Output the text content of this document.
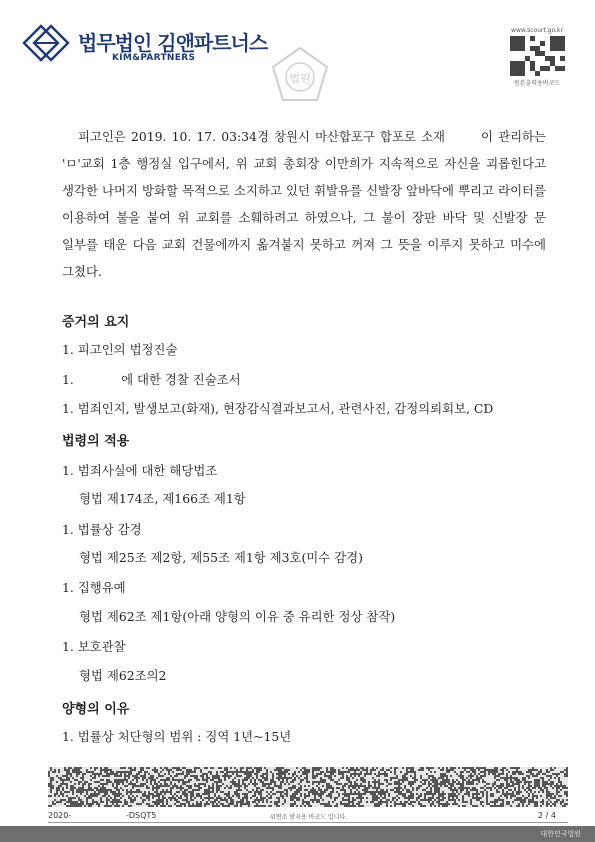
법무법인 김앤파트너스
KIM&PARTNERS
법원
www.scourt.go.kr
원본출력용바코드
피고인은 2019. 10. 17. 03:34경 창원시 마산합포구 합포로 소재	이 관리하는 'ㅁ'교회 1층 행정실 입구에서, 위 교회 총회장 이만희가 지속적으로 자신을 괴롭힌다고 생각한 나머지 방화할 목적으로 소지하고 있던 휘발유를 신발장 앞바닥에 뿌리고 라이터를 이용하여 불을 붙여 위 교회를 소훼하려고 하였으나, 그 불이 장판 바닥 및 신발장 문 일부를 태운 다음 교회 건물에까지 옮겨붙지 못하고 꺼져 그 뜻을 이루지 못하고 미수에 그쳤다.
증거의 요지
1. 피고인의 법정진술
1.            에 대한 경찰 진술조서
1. 범죄인지, 발생보고(화재), 현장감식결과보고서, 관련사진, 감정의뢰회보, CD
법령의 적용
1. 범죄사실에 대한 해당법조
형법 제174조, 제166조 제1항
1. 법률상 감경
형법 제25조 제2항, 제55조 제1항 제3호(미수 감경)
1. 집행유예
형법 제62조 제1항(아래 양형의 이유 중 유리한 정상 참작)
1. 보호관찰
형법 제62조의2
양형의 이유
1. 법률상 처단형의 범위 : 징역 1년~15년
2020-	-DSQT5	위변조 방지용 바코드 입니다.	2 / 4
대한민국법원
